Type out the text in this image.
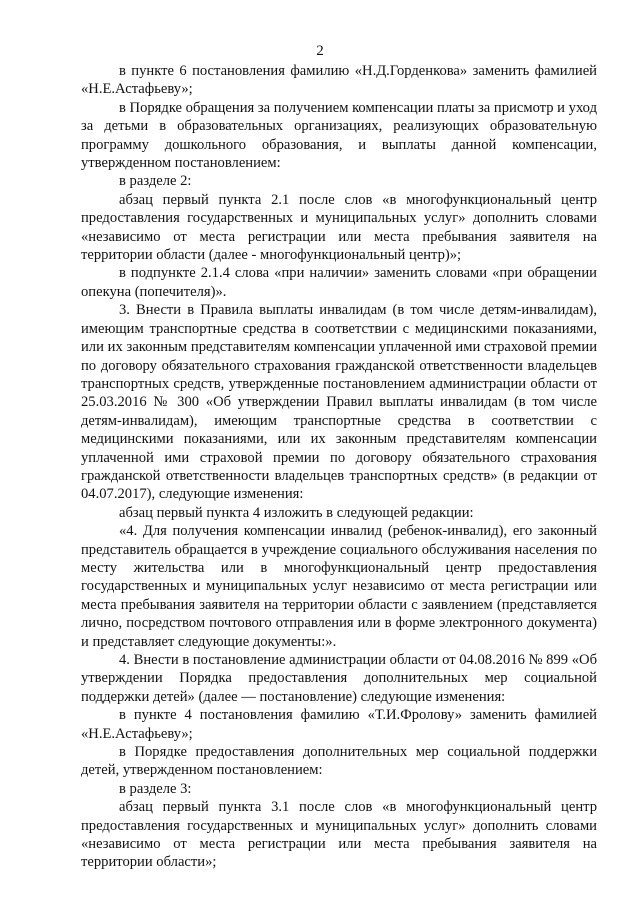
2

в пункте 6 постановления фамилию «Н.Д.Горденкова» заменить фамилией «Н.Е.Астафьеву»;

в Порядке обращения за получением компенсации платы за присмотр и уход за детьми в образовательных организациях, реализующих образовательную программу дошкольного образования, и выплаты данной компенсации, утвержденном постановлением:

в разделе 2:

абзац первый пункта 2.1 после слов «в многофункциональный центр предоставления государственных и муниципальных услуг» дополнить словами «независимо от места регистрации или места пребывания заявителя на территории области (далее - многофункциональный центр)»;

в подпункте 2.1.4 слова «при наличии» заменить словами «при обращении опекуна (попечителя)».

3. Внести в Правила выплаты инвалидам (в том числе детям-инвалидам), имеющим транспортные средства в соответствии с медицинскими показаниями, или их законным представителям компенсации уплаченной ими страховой премии по договору обязательного страхования гражданской ответственности владельцев транспортных средств, утвержденные постановлением администрации области от 25.03.2016 № 300 «Об утверждении Правил выплаты инвалидам (в том числе детям-инвалидам), имеющим транспортные средства в соответствии с медицинскими показаниями, или их законным представителям компенсации уплаченной ими страховой премии по договору обязательного страхования гражданской ответственности владельцев транспортных средств» (в редакции от 04.07.2017), следующие изменения:

абзац первый пункта 4 изложить в следующей редакции:

«4. Для получения компенсации инвалид (ребенок-инвалид), его законный представитель обращается в учреждение социального обслуживания населения по месту жительства или в многофункциональный центр предоставления государственных и муниципальных услуг независимо от места регистрации или места пребывания заявителя на территории области с заявлением (представляется лично, посредством почтового отправления или в форме электронного документа) и представляет следующие документы:».

4. Внести в постановление администрации области от 04.08.2016 № 899 «Об утверждении Порядка предоставления дополнительных мер социальной поддержки детей» (далее — постановление) следующие изменения:

в пункте 4 постановления фамилию «Т.И.Фролову» заменить фамилией «Н.Е.Астафьеву»;

в Порядке предоставления дополнительных мер социальной поддержки детей, утвержденном постановлением:

в разделе 3:

абзац первый пункта 3.1 после слов «в многофункциональный центр предоставления государственных и муниципальных услуг» дополнить словами «независимо от места регистрации или места пребывания заявителя на территории области»;
